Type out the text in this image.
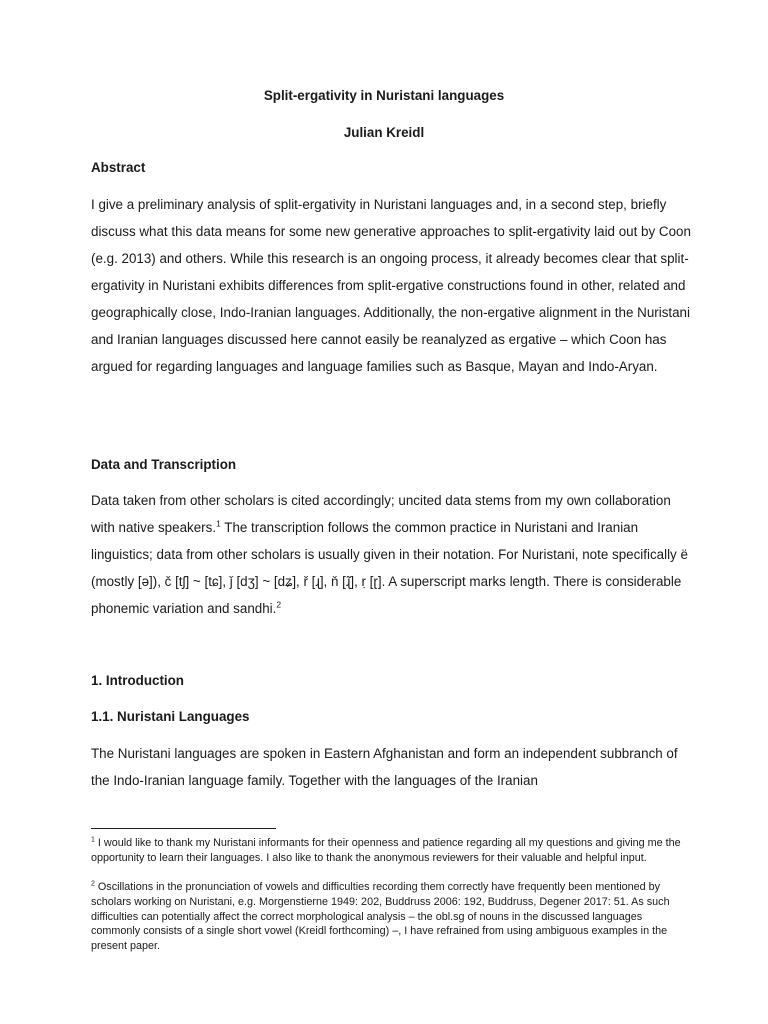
Split-ergativity in Nuristani languages

Julian Kreidl

Abstract

I give a preliminary analysis of split-ergativity in Nuristani languages and, in a second step, briefly discuss what this data means for some new generative approaches to split-ergativity laid out by Coon (e.g. 2013) and others. While this research is an ongoing process, it already becomes clear that split-ergativity in Nuristani exhibits differences from split-ergative constructions found in other, related and geographically close, Indo-Iranian languages. Additionally, the non-ergative alignment in the Nuristani and Iranian languages discussed here cannot easily be reanalyzed as ergative – which Coon has argued for regarding languages and language families such as Basque, Mayan and Indo-Aryan.

Data and Transcription

Data taken from other scholars is cited accordingly; uncited data stems from my own collaboration with native speakers.$^1$ The transcription follows the common practice in Nuristani and Iranian linguistics; data from other scholars is usually given in their notation. For Nuristani, note specifically ë (mostly [ə]), č [tʃ] ~ [tɕ], ǰ [dʒ] ~ [dʑ], ř [ɻ], ň [ɻ̃], ṛ [ɽ]. A superscript marks length. There is considerable phonemic variation and sandhi.$^2$

1. Introduction
1.1. Nuristani Languages

The Nuristani languages are spoken in Eastern Afghanistan and form an independent subbranch of the Indo-Iranian language family. Together with the languages of the Iranian

$^1$ I would like to thank my Nuristani informants for their openness and patience regarding all my questions and giving me the opportunity to learn their languages. I also like to thank the anonymous reviewers for their valuable and helpful input.

$^2$ Oscillations in the pronunciation of vowels and difficulties recording them correctly have frequently been mentioned by scholars working on Nuristani, e.g. Morgenstierne 1949: 202, Buddruss 2006: 192, Buddruss, Degener 2017: 51. As such difficulties can potentially affect the correct morphological analysis – the obl.sg of nouns in the discussed languages commonly consists of a single short vowel (Kreidl forthcoming) –, I have refrained from using ambiguous examples in the present paper.
